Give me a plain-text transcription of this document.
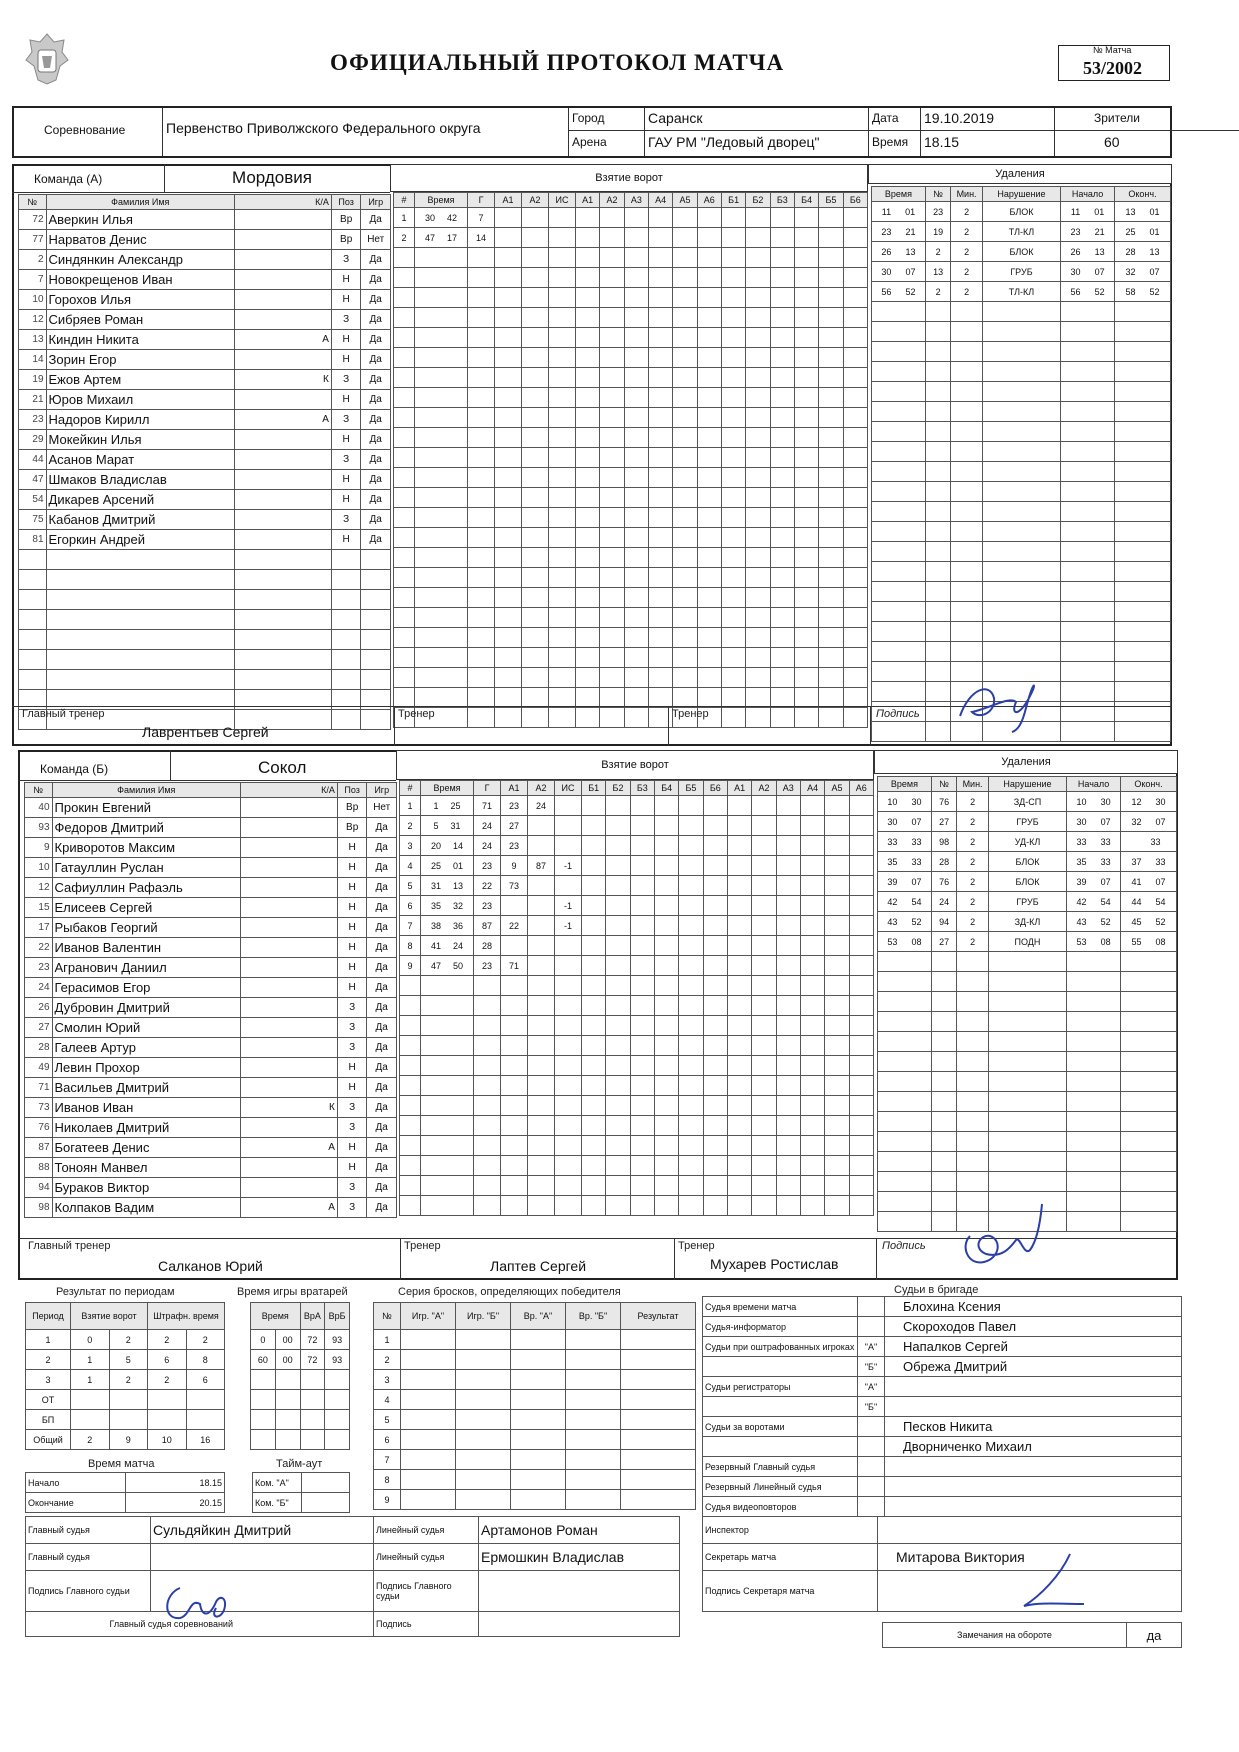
ОФИЦИАЛЬНЫЙ ПРОТОКОЛ МАТЧА	№ Матча
53/2002
Соревнование	Первенство Приволжского Федерального округа
Город	Саранск
Арена	ГАУ РМ "Ледовый дворец"
Дата 19.10.2019
Время 18.15
Зрители
60
Команда (А)	Мордовия	Взятие ворот	Удаления
№	Фамилия Имя	К/А	Поз	Игр
72	Аверкин Илья		Вр	Да
77	Нарватов Денис		Вр	Нет
2	Синдянкин Александр		З	Да
7	Новокрещенов Иван		Н	Да
10	Горохов Илья		Н	Да
12	Сибряев Роман		З	Да
13	Киндин Никита	А	Н	Да
14	Зорин Егор		Н	Да
19	Ежов Артем	К	З	Да
21	Юров Михаил		Н	Да
23	Надоров Кирилл	А	З	Да
29	Мокейкин Илья		Н	Да
44	Асанов Марат		З	Да
47	Шмаков Владислав		Н	Да
54	Дикарев Арсений		Н	Да
75	Кабанов Дмитрий		З	Да
81	Егоркин Андрей		Н	Да

#	Время	Г	А1	А2	ИС	А1	А2	А3	А4	А5	А6	Б1	Б2	Б3	Б4	Б5	Б6
1	30 42	7															
2	47 17	14															

Время	№	Мин.	Нарушение	Начало	Оконч.
11 01	23	2	БЛОК	11 01	13 01
23 21	19	2	ТЛ-КЛ	23 21	25 01
26 13	2	2	БЛОК	26 13	28 13
30 07	13	2	ГРУБ	30 07	32 07
56 52	2	2	ТЛ-КЛ	56 52	58 52

Главный тренер
Лаврентьев Сергей
Тренер	Тренер	Подпись
Команда (Б)	Сокол	Взятие ворот	Удаления
№	Фамилия Имя	К/А	Поз	Игр
40	Прокин Евгений		Вр	Нет
93	Федоров Дмитрий		Вр	Да
9	Криворотов Максим		Н	Да
10	Гатауллин Руслан		Н	Да
12	Сафиуллин Рафаэль		Н	Да
15	Елисеев Сергей		Н	Да
17	Рыбаков Георгий		Н	Да
22	Иванов Валентин		Н	Да
23	Агранович Даниил		Н	Да
24	Герасимов Егор		Н	Да
26	Дубровин Дмитрий		З	Да
27	Смолин Юрий		З	Да
28	Галеев Артур		З	Да
49	Левин Прохор		Н	Да
71	Васильев Дмитрий		Н	Да
73	Иванов Иван	К	З	Да
76	Николаев Дмитрий		З	Да
87	Богатеев Денис	А	Н	Да
88	Тонoян Манвел		Н	Да
94	Бураков Виктор		З	Да
98	Колпаков Вадим	А	З	Да
#	Время	Г	А1	А2	ИС	Б1	Б2	Б3	Б4	Б5	Б6	А1	А2	А3	А4	А5	А6
1	1 25	71	23	24													
2	5 31	24	27														
3	20 14	24	23														
4	25 01	23	9	87	-1												
5	31 13	22	73														
6	35 32	23			-1												
7	38 36	87	22		-1												
8	41 24	28															
9	47 50	23	71														

Время	№	Мин.	Нарушение	Начало	Оконч.
10 30	76	2	ЗД-СП	10 30	12 30
30 07	27	2	ГРУБ	30 07	32 07
33 33	98	2	УД-КЛ	33 33	33
35 33	28	2	БЛОК	35 33	37 33
39 07	76	2	БЛОК	39 07	41 07
42 54	24	2	ГРУБ	42 54	44 54
43 52	94	2	ЗД-КЛ	43 52	45 52
53 08	27	2	ПОДН	53 08	55 08

Главный тренер
Салканов Юрий
Тренер
Лаптев Сергей
Тренер
Мухарев Ростислав
Подпись
Результат по периодам
Период	Взятие ворот		Штрафн. время	
1	0	2	2	2
2	1	5	6	8
3	1	2	2	6
ОТ				
БП				
Общий	2	9	10	16
Время игры вратарей
Время		ВрА	ВрБ
0	00	72	93
60	00	72	93

Серия бросков, определяющих победителя
№	Игр. "А"	Игр. "Б"	Вр. "А"	Вр. "Б"	Результат
1					
2					
3					
4					
5					
6					
7					
8					
9					
Время матча
Начало	18.15
Окончание	20.15
Тайм-аут
Ком. "А"	
Ком. "Б"	
Судьи в бригаде
Судья времени матча		Блохина Ксения
Судья-информатор		Скороходов Павел
Судьи при оштрафованных игроках	"А"	Напалков Сергей
	"Б"	Обрежа Дмитрий
Судьи регистраторы	"А"	
	"Б"	
Судьи за воротами		Песков Никита
		Дворниченко Михаил
Резервный Главный судья		
Резервный Линейный судья		
Судья видеоповторов		
Главный судья	Сульдяйкин Дмитрий	Линейный судья	Артамонов Роман
Главный судья		Линейный судья	Ермошкин Владислав
Подпись Главного судьи		Подпись Главного судьи	
Главный судья соревнований		Подпись	
Инспектор	
Секретарь матча	Митарова Виктория
Подпись Секретаря матча	
Замечания на обороте	да
